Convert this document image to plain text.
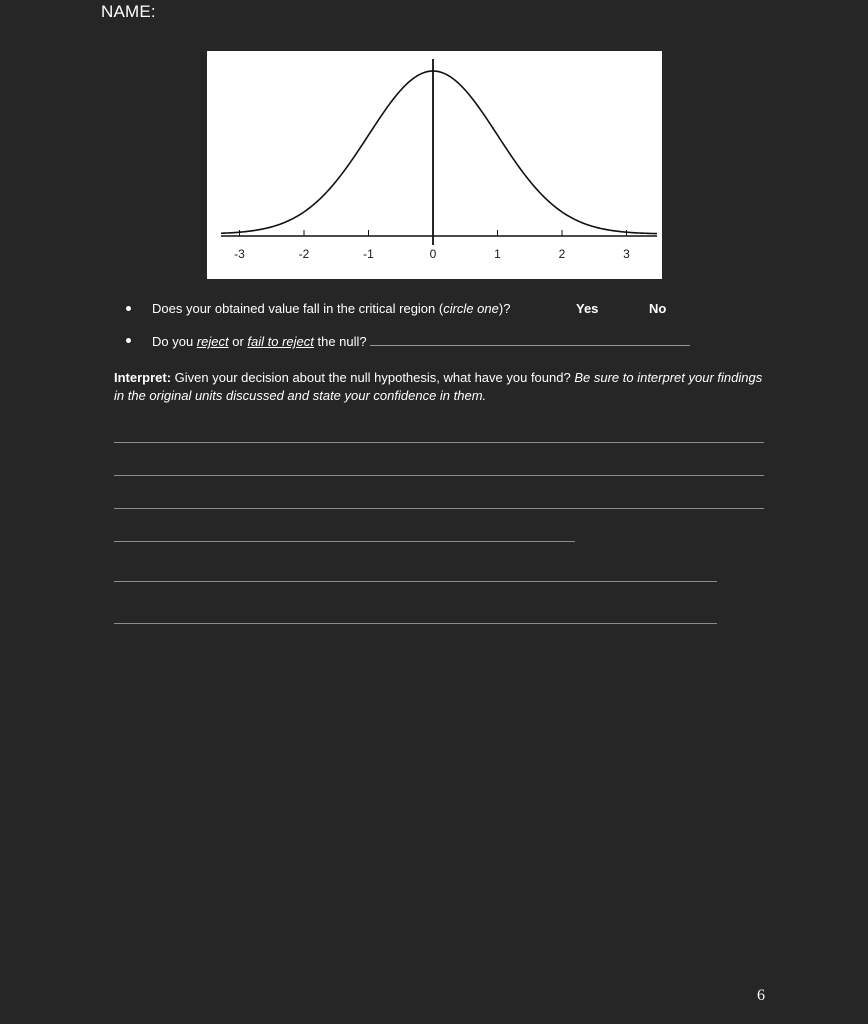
NAME:
-3	-2	-1	0	1	2	3
Does your obtained value fall in the critical region (circle one)?	Yes	No
Do you reject or fail to reject the null?
Interpret: Given your decision about the null hypothesis, what have you found? Be sure to interpret your findings in the original units discussed and state your confidence in them.
6
